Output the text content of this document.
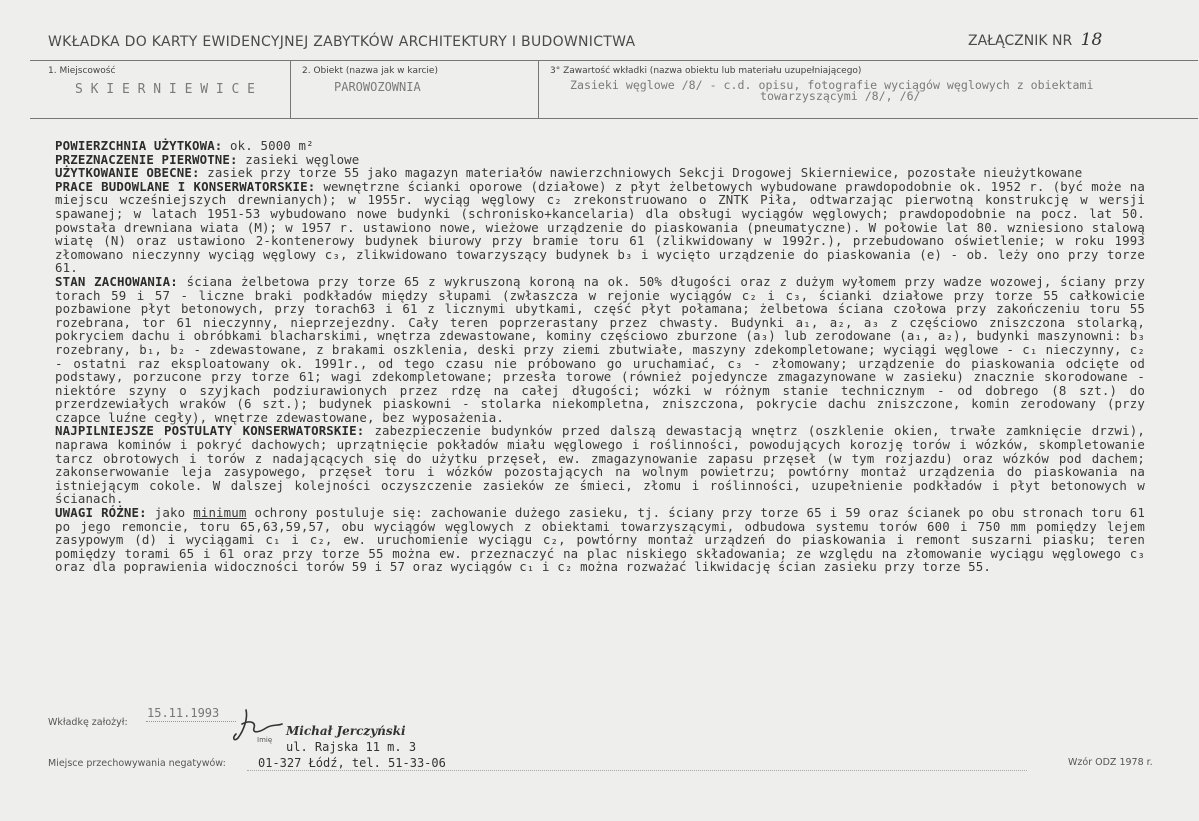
WKŁADKA DO KARTY EWIDENCYJNEJ ZABYTKÓW ARCHITEKTURY I BUDOWNICTWA	ZAŁĄCZNIK NR 18
1. Miejscowość
S K I E R N I E W I C E
2. Obiekt (nazwa jak w karcie)
PAROWOZOWNIA
3° Zawartość wkładki (nazwa obiektu lub materiału uzupełniającego)
Zasieki węglowe /8/ - c.d. opisu, fotografie wyciągów węglowych z obiektami
towarzyszącymi /8/, /6/

POWIERZCHNIA UŻYTKOWA: ok. 5000 m²

PRZEZNACZENIE PIERWOTNE: zasieki węglowe

UŻYTKOWANIE OBECNE: zasiek przy torze 55 jako magazyn materiałów nawierzchniowych Sekcji Drogowej Skierniewice, pozostałe nieużytkowane

PRACE BUDOWLANE I KONSERWATORSKIE: wewnętrzne ścianki oporowe (działowe) z płyt żelbetowych wybudowane prawdopodobnie ok. 1952 r. (być może na miejscu wcześniejszych drewnianych); w 1955r. wyciąg węglowy c₂ zrekonstruowano o ZNTK Piła, odtwarzając pierwotną konstrukcję w wersji spawanej; w latach 1951-53 wybudowano nowe budynki (schronisko+kancelaria) dla obsługi wyciągów węglowych; prawdopodobnie na pocz. lat 50. powstała drewniana wiata (M); w 1957 r. ustawiono nowe, wieżowe urządzenie do piaskowania (pneumatyczne). W połowie lat 80. wzniesiono stalową wiatę (N) oraz ustawiono 2-kontenerowy budynek biurowy przy bramie toru 61 (zlikwidowany w 1992r.), przebudowano oświetlenie; w roku 1993 złomowano nieczynny wyciąg węglowy c₃, zlikwidowano towarzyszący budynek b₃ i wycięto urządzenie do piaskowania (e) - ob. leży ono przy torze 61.

STAN ZACHOWANIA: ściana żelbetowa przy torze 65 z wykruszoną koroną na ok. 50% długości oraz z dużym wyłomem przy wadze wozowej, ściany przy torach 59 i 57 - liczne braki podkładów między słupami (zwłaszcza w rejonie wyciągów c₂ i c₃, ścianki działowe przy torze 55 całkowicie pozbawione płyt betonowych, przy torach63 i 61 z licznymi ubytkami, część płyt połamana; żelbetowa ściana czołowa przy zakończeniu toru 55 rozebrana, tor 61 nieczynny, nieprzejezdny. Cały teren poprzerastany przez chwasty. Budynki a₁, a₂, a₃ z częściowo zniszczona stolarką, pokryciem dachu i obróbkami blacharskimi, wnętrza zdewastowane, kominy częściowo zburzone (a₃) lub zerodowane (a₁, a₂), budynki maszynowni: b₃ rozebrany, b₁, b₂ - zdewastowane, z brakami oszklenia, deski przy ziemi zbutwiałe, maszyny zdekompletowane; wyciągi węglowe - c₁ nieczynny, c₂ - ostatni raz eksploatowany ok. 1991r., od tego czasu nie próbowano go uruchamiać, c₃ - złomowany; urządzenie do piaskowania odcięte od podstawy, porzucone przy torze 61; wagi zdekompletowane; przesła torowe (również pojedyncze zmagazynowane w zasieku) znacznie skorodowane - niektóre szyny o szyjkach podziurawionych przez rdzę na całej długości; wózki w różnym stanie technicznym - od dobrego (8 szt.) do przerdzewiałych wraków (6 szt.); budynek piaskowni - stolarka niekompletna, zniszczona, pokrycie dachu zniszczone, komin zerodowany (przy czapce luźne cegły), wnętrze zdewastowane, bez wyposażenia.

NAJPILNIEJSZE POSTULATY KONSERWATORSKIE: zabezpieczenie budynków przed dalszą dewastacją wnętrz (oszklenie okien, trwałe zamknięcie drzwi), naprawa kominów i pokryć dachowych; uprzątnięcie pokładów miału węglowego i roślinności, powodujących korozję torów i wózków, skompletowanie tarcz obrotowych i torów z nadającących się do użytku przęseł, ew. zmagazynowanie zapasu przęseł (w tym rozjazdu) oraz wózków pod dachem; zakonserwowanie leja zasypowego, przęseł toru i wózków pozostających na wolnym powietrzu; powtórny montaż urządzenia do piaskowania na istniejącym cokole. W dalszej kolejności oczyszczenie zasieków ze śmieci, złomu i roślinności, uzupełnienie podkładów i płyt betonowych w ścianach.

UWAGI RÓŻNE: jako minimum ochrony postuluje się: zachowanie dużego zasieku, tj. ściany przy torze 65 i 59 oraz ścianek po obu stronach toru 61 po jego remoncie, toru 65,63,59,57, obu wyciągów węglowych z obiektami towarzyszącymi, odbudowa systemu torów 600 i 750 mm pomiędzy lejem zasypowym (d) i wyciągami c₁ i c₂, ew. uruchomienie wyciągu c₂, powtórny montaż urządzeń do piaskowania i remont suszarni piasku; teren pomiędzy torami 65 i 61 oraz przy torze 55 można ew. przeznaczyć na plac niskiego składowania; ze względu na złomowanie wyciągu węglowego c₃ oraz dla poprawienia widoczności torów 59 i 57 oraz wyciągów c₁ i c₂ można rozważać likwidację ścian zasieku przy torze 55.

15.11.1993
Wkładkę założył:
Imię
Michał Jerczyński
ul. Rajska 11 m. 3
01-327 Łódź, tel. 51-33-06
Miejsce przechowywania negatywów:	Wzór ODZ 1978 r.
